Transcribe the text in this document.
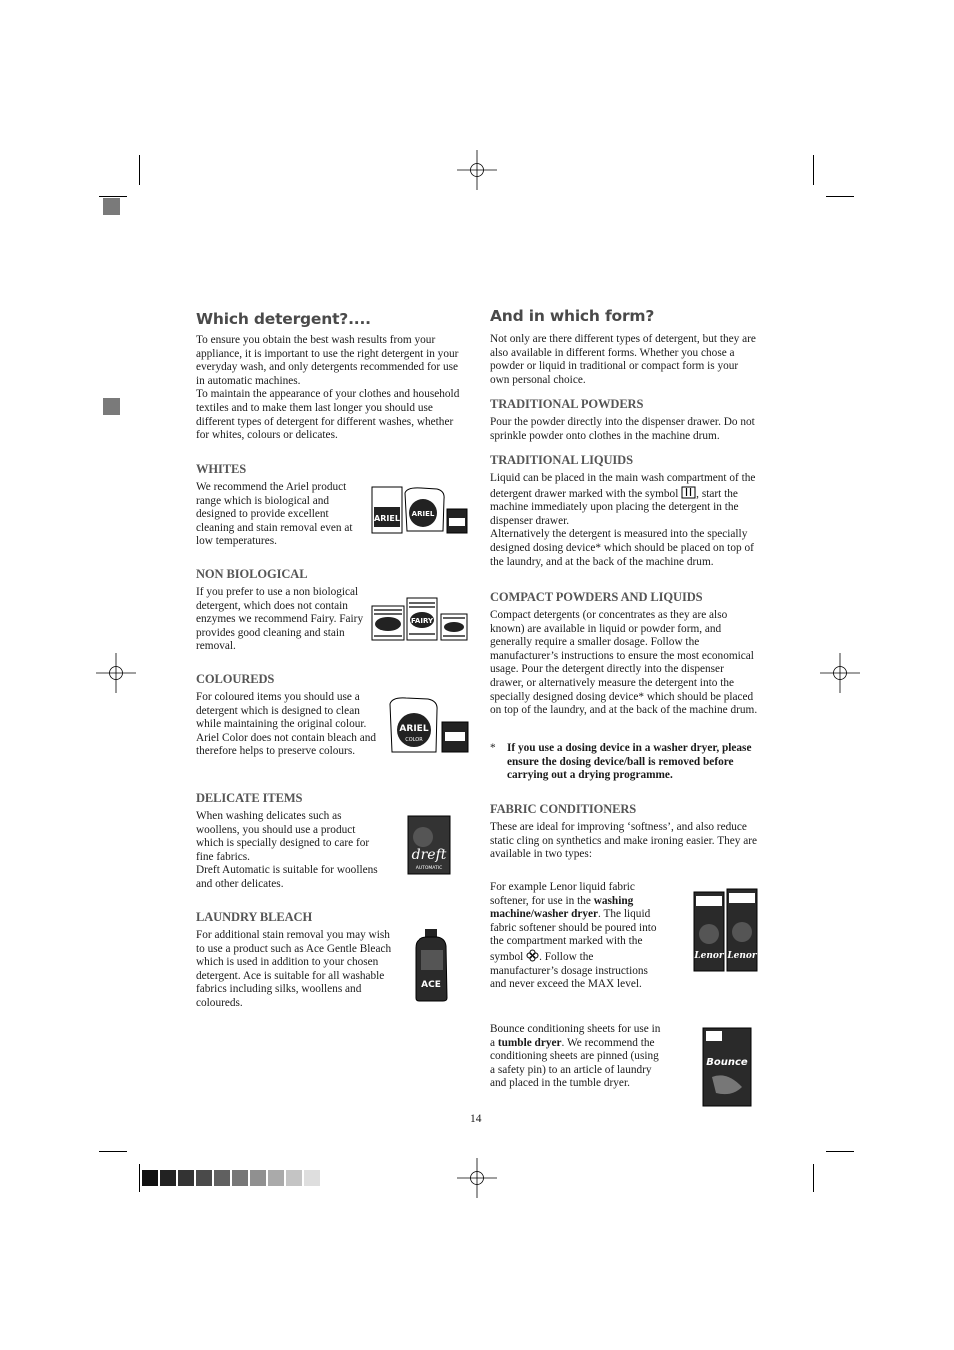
Which detergent?....

To ensure you obtain the best wash results from your appliance, it is important to use the right detergent in your everyday wash, and only detergents recommended for use in automatic machines.

To maintain the appearance of your clothes and household textiles and to make them last longer you should use different types of detergent for different washes, whether for whites, colours or delicates.

WHITES

We recommend the Ariel product range which is biological and designed to provide excellent cleaning and stain removal even at low temperatures.

ARIEL ARIEL
NON BIOLOGICAL

If you prefer to use a non biological detergent, which does not contain enzymes we recommend Fairy. Fairy provides good cleaning and stain removal.

FAIRY
COLOUREDS

For coloured items you should use a detergent which is designed to clean while maintaining the original colour. Ariel Color does not contain bleach and therefore helps to preserve colours.

ARIEL
COLOR
DELICATE ITEMS

When washing delicates such as woollens, you should use a product which is specially designed to care for fine fabrics.

Dreft Automatic is suitable for woollens and other delicates.

dreft
AUTOMATIC
LAUNDRY BLEACH

For additional stain removal you may wish to use a product such as Ace Gentle Bleach which is used in addition to your chosen detergent. Ace is suitable for all washable fabrics including silks, woollens and coloureds.

ACE
And in which form?

Not only are there different types of detergent, but they are also available in different forms. Whether you chose a powder or liquid in traditional or compact form is your own personal choice.

TRADITIONAL POWDERS

Pour the powder directly into the dispenser drawer. Do not sprinkle powder onto clothes in the machine drum.

TRADITIONAL LIQUIDS

Liquid can be placed in the main wash compartment of the detergent drawer marked with the symbol , start the machine immediately upon placing the detergent in the dispenser drawer.

Alternatively the detergent is measured into the specially designed dosing device* which should be placed on top of the laundry, and at the back of the machine drum.

COMPACT POWDERS AND LIQUIDS

Compact detergents (or concentrates as they are also known) are available in liquid or powder form, and generally require a smaller dosage. Follow the manufacturer’s instructions to ensure the most economical usage. Pour the detergent directly into the dispenser drawer, or alternatively measure the detergent into the specially designed dosing device* which should be placed on top of the laundry, and at the back of the machine drum.

* If you use a dosing device in a washer dryer, please ensure the dosing device/ball is removed before carrying out a drying programme.

FABRIC CONDITIONERS

These are ideal for improving ‘softness’, and also reduce static cling on synthetics and make ironing easier. They are available in two types:

For example Lenor liquid fabric softener, for use in the washing machine/washer dryer. The liquid fabric softener should be poured into the compartment marked with the symbol . Follow the manufacturer’s dosage instructions and never exceed the MAX level.

Lenor Lenor

Bounce conditioning sheets for use in a tumble dryer. We recommend the conditioning sheets are pinned (using a safety pin) to an article of laundry and placed in the tumble dryer.

Bounce
14
